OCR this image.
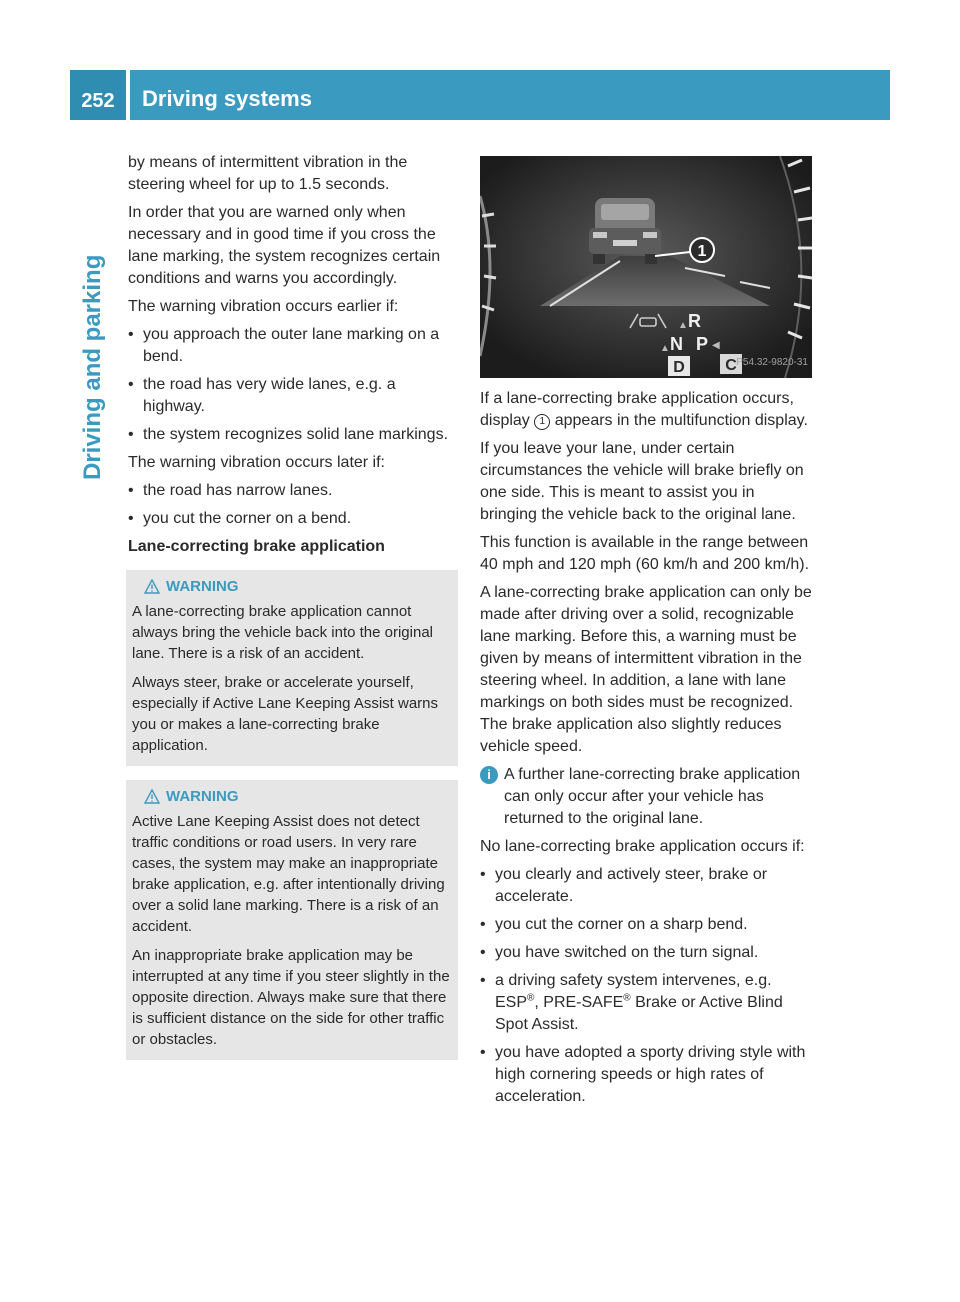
252	Driving systems
Driving and parking

by means of intermittent vibration in the steering wheel for up to 1.5 seconds.

In order that you are warned only when necessary and in good time if you cross the lane marking, the system recognizes certain conditions and warns you accordingly.

The warning vibration occurs earlier if:

• you approach the outer lane marking on a bend.
• the road has very wide lanes, e.g. a highway.
• the system recognizes solid lane markings.

The warning vibration occurs later if:

• the road has narrow lanes.
• you cut the corner on a bend.
Lane-correcting brake application
WARNING

A lane-correcting brake application cannot always bring the vehicle back into the original lane. There is a risk of an accident.

Always steer, brake or accelerate yourself, especially if Active Lane Keeping Assist warns you or makes a lane-correcting brake application.

WARNING

Active Lane Keeping Assist does not detect traffic conditions or road users. In very rare cases, the system may make an inappropriate brake application, e.g. after intentionally driving over a solid lane marking. There is a risk of an accident.

An inappropriate brake application may be interrupted at any time if you steer slightly in the opposite direction. Always make sure that there is sufficient distance on the side for other traffic or obstacles.

1
▲ R
▲ N P ◀
D	C P54.32-9820-31

If a lane-correcting brake application occurs, display 1 appears in the multifunction display.

If you leave your lane, under certain circumstances the vehicle will brake briefly on one side. This is meant to assist you in bringing the vehicle back to the original lane.

This function is available in the range between 40 mph and 120 mph (60 km/h and 200 km/h).

A lane-correcting brake application can only be made after driving over a solid, recognizable lane marking. Before this, a warning must be given by means of intermittent vibration in the steering wheel. In addition, a lane with lane markings on both sides must be recognized. The brake application also slightly reduces vehicle speed.

i A further lane-correcting brake application can only occur after your vehicle has returned to the original lane.

No lane-correcting brake application occurs if:

• you clearly and actively steer, brake or accelerate.
• you cut the corner on a sharp bend.
• you have switched on the turn signal.
• a driving safety system intervenes, e.g. ESP®, PRE-SAFE® Brake or Active Blind Spot Assist.
• you have adopted a sporty driving style with high cornering speeds or high rates of acceleration.
